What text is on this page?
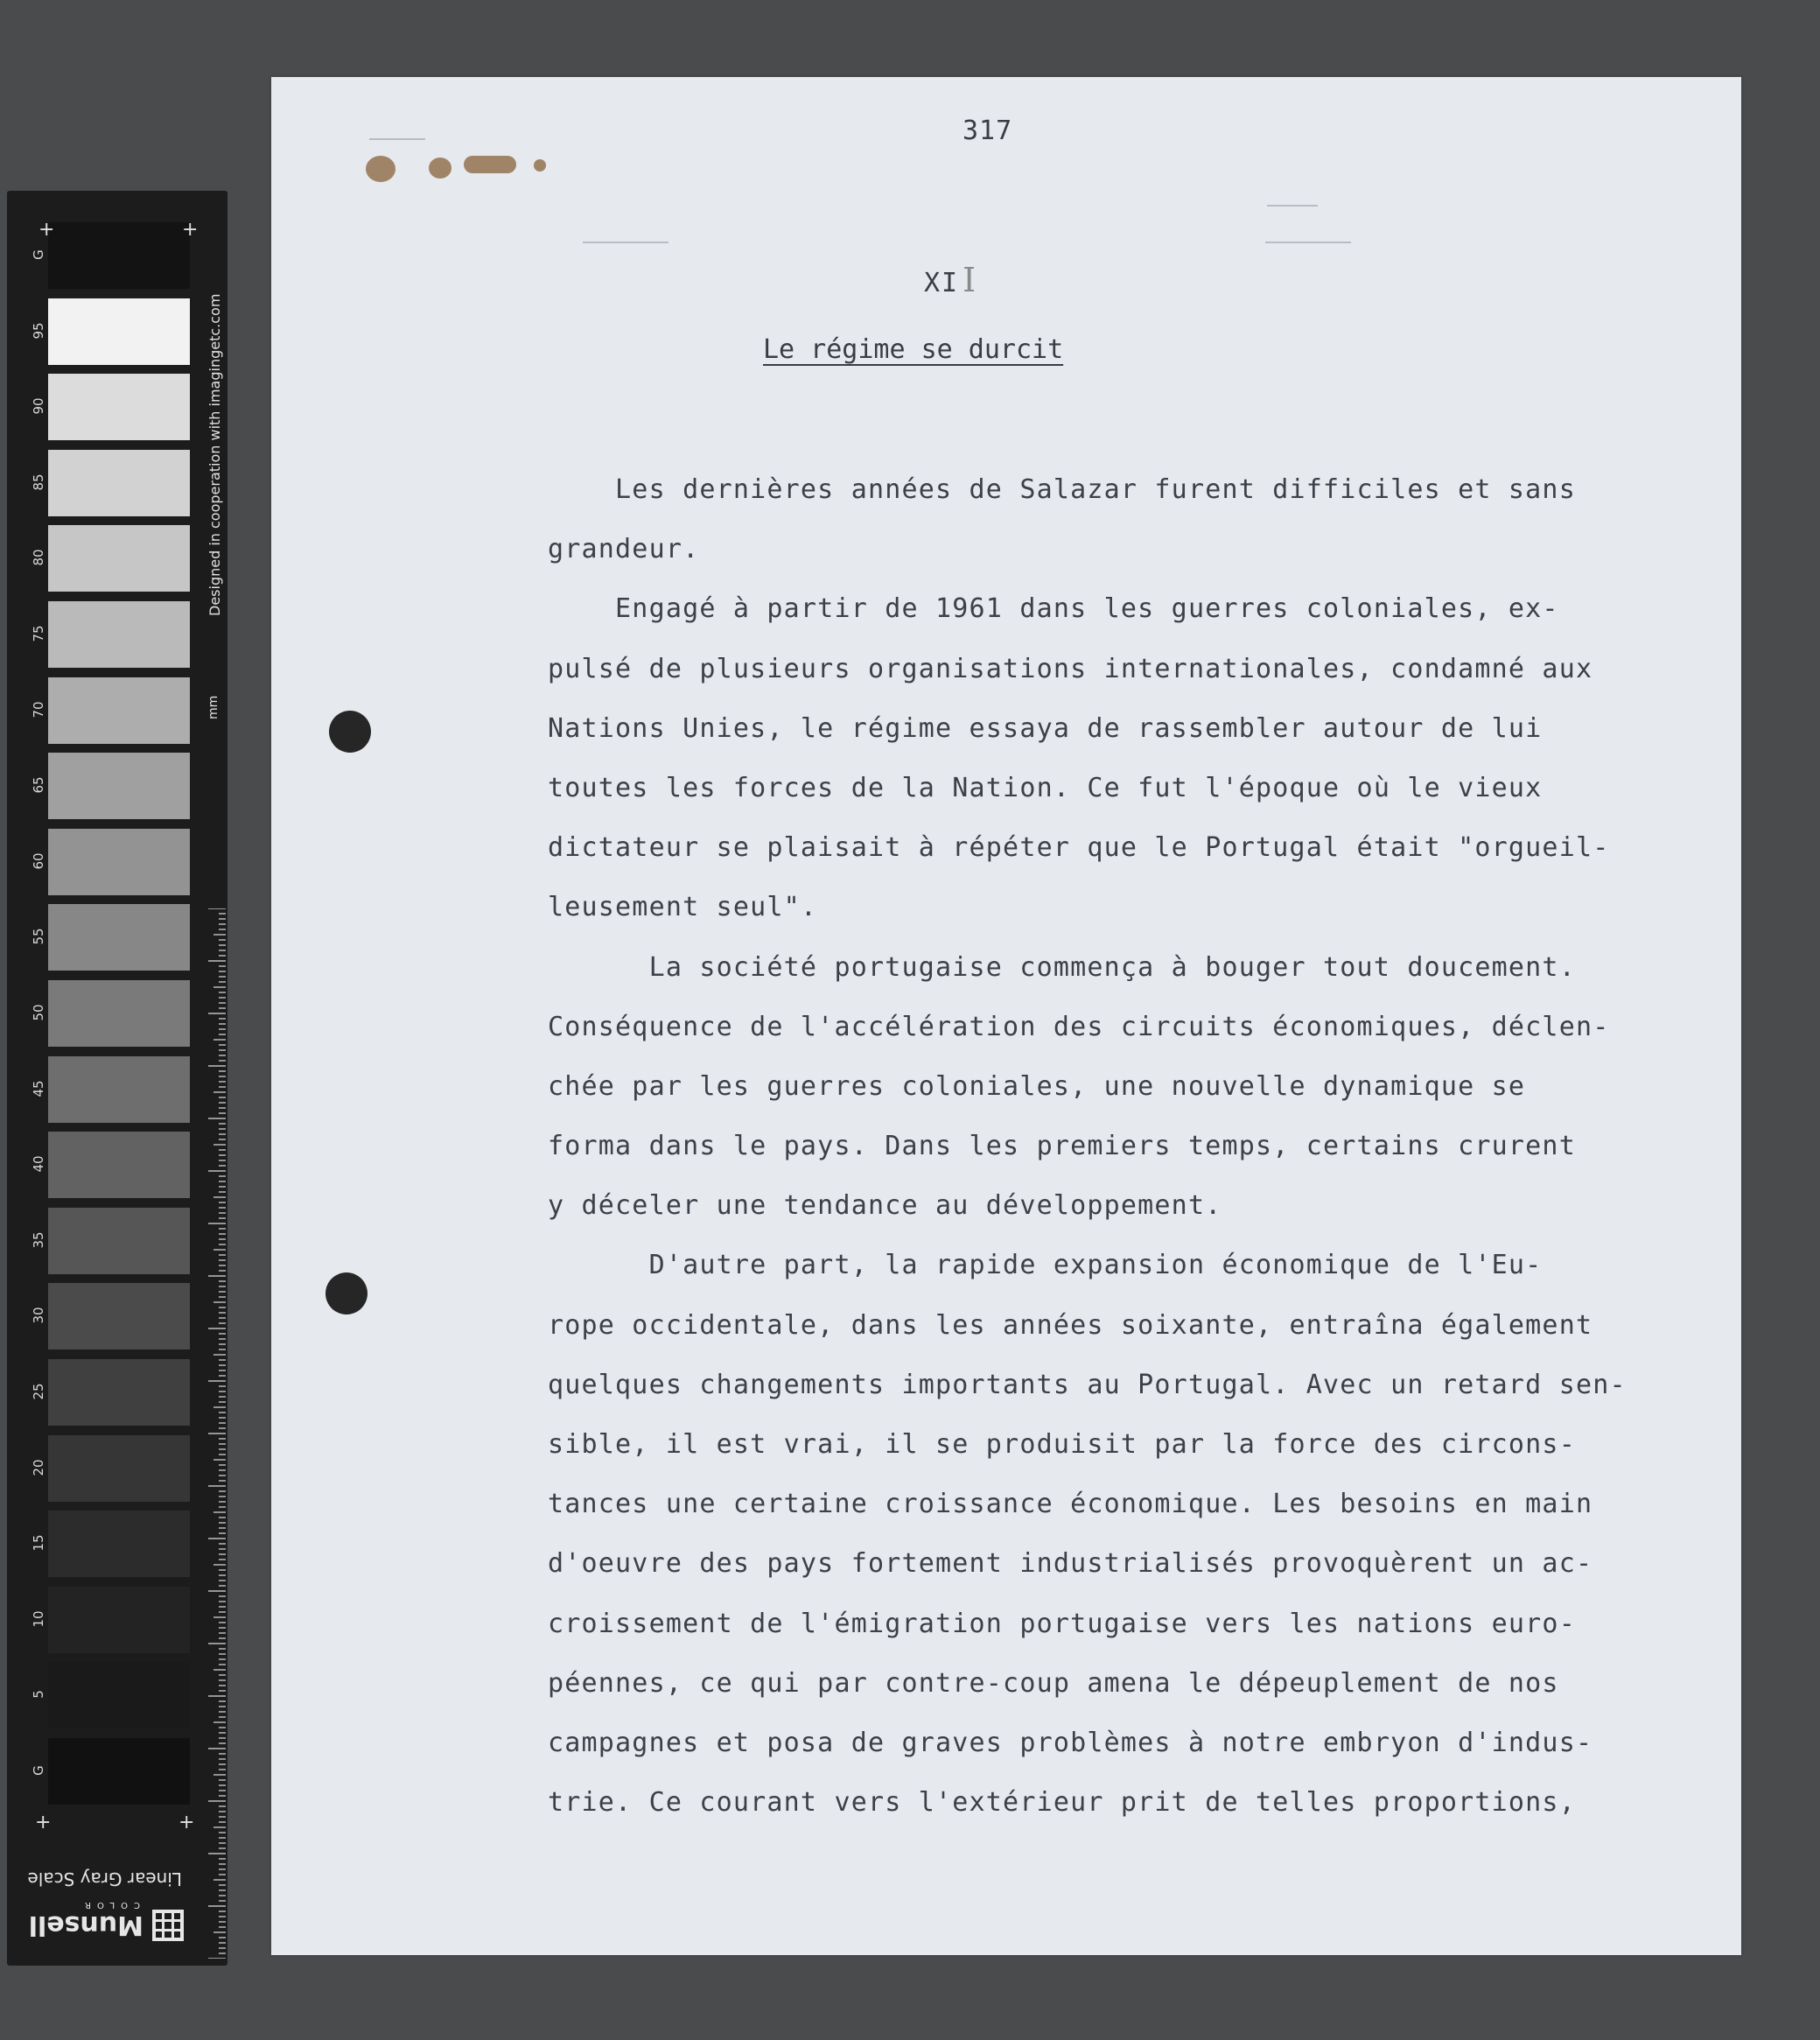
G
95
90
85
80
75
70
65
60
55
50
45
40
35
30
25
20
15
10
5
G
+	+
+	+
Designed in cooperation with imagingetc.com
mm
Munsell
COLOR
Linear Gray Scale
317
XI I
Le régime se durcit
Les dernières années de Salazar furent difficiles et sans
grandeur.
Engagé à partir de 1961 dans les guerres coloniales, ex-
pulsé de plusieurs organisations internationales, condamné aux
Nations Unies, le régime essaya de rassembler autour de lui
toutes les forces de la Nation. Ce fut l'époque où le vieux
dictateur se plaisait à répéter que le Portugal était "orgueil-
leusement seul".
La société portugaise commença à bouger tout doucement.
Conséquence de l'accélération des circuits économiques, déclen-
chée par les guerres coloniales, une nouvelle dynamique se
forma dans le pays. Dans les premiers temps, certains crurent
y déceler une tendance au développement.
D'autre part, la rapide expansion économique de l'Eu-
rope occidentale, dans les années soixante, entraîna également
quelques changements importants au Portugal. Avec un retard sen-
sible, il est vrai, il se produisit par la force des circons-
tances une certaine croissance économique. Les besoins en main
d'oeuvre des pays fortement industrialisés provoquèrent un ac-
croissement de l'émigration portugaise vers les nations euro-
péennes, ce qui par contre-coup amena le dépeuplement de nos
campagnes et posa de graves problèmes à notre embryon d'indus-
trie. Ce courant vers l'extérieur prit de telles proportions,
